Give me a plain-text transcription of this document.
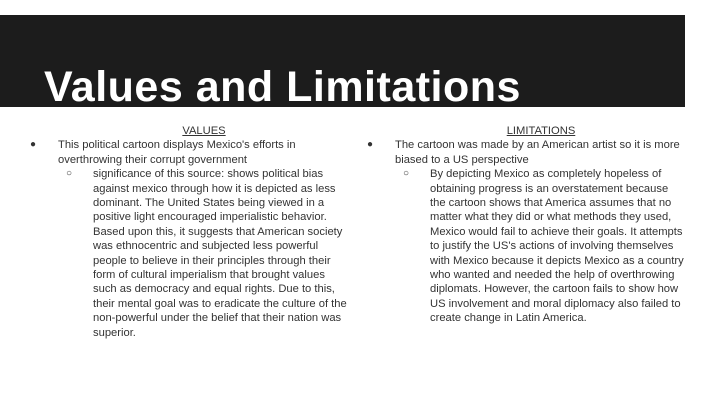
Values and Limitations
VALUES
● This political cartoon displays Mexico's efforts in overthrowing their corrupt government
○ significance of this source: shows political bias against mexico through how it is depicted as less dominant. The United States being viewed in a positive light encouraged imperialistic behavior. Based upon this, it suggests that American society was ethnocentric and subjected less powerful people to believe in their principles through their form of cultural imperialism that brought values such as democracy and equal rights. Due to this, their mental goal was to eradicate the culture of the non-powerful under the belief that their nation was superior.
LIMITATIONS
● The cartoon was made by an American artist so it is more biased to a US perspective
○ By depicting Mexico as completely hopeless of obtaining progress is an overstatement because the cartoon shows that America assumes that no matter what they did or what methods they used, Mexico would fail to achieve their goals. It attempts to justify the US's actions of involving themselves with Mexico because it depicts Mexico as a country who wanted and needed the help of overthrowing diplomats. However, the cartoon fails to show how US involvement and moral diplomacy also failed to create change in Latin America.
